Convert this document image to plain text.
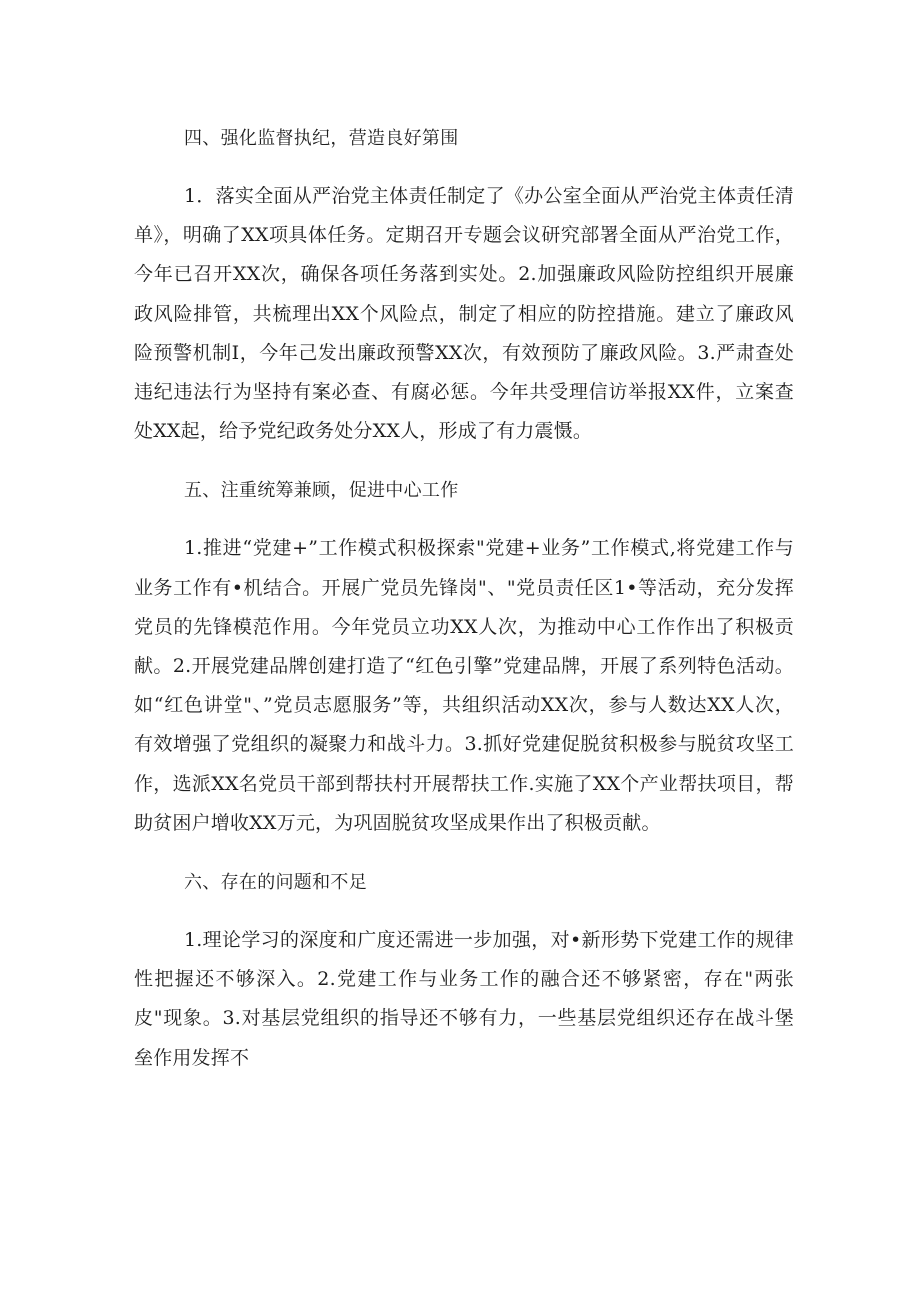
四、强化监督执纪，营造良好第围
1．落实全面从严治党主体责任制定了《办公室全面从严治党主体责任清单》，明确了XX项具体任务。定期召开专题会议研究部署全面从严治党工作，今年已召开XX次，确保各项任务落到实处。2.加强廉政风险防控组织开展廉政风险排管，共梳理出XX个风险点，制定了相应的防控措施。建立了廉政风险预警机制I，今年己发出廉政预警XX次，有效预防了廉政风险。3.严肃查处违纪违法行为坚持有案必查、有腐必惩。今年共受理信访举报XX件，立案查处XX起，给予党纪政务处分XX人，形成了有力震慑。
五、注重统筹兼顾，促进中心工作
1.推进“党建+”工作模式积极探索"党建+业务”工作模式,将党建工作与业务工作有•机结合。开展广党员先锋岗"、"党员责任区1•等活动，充分发挥党员的先锋模范作用。今年党员立功XX人次，为推动中心工作作出了积极贡献。2.开展党建品牌创建打造了“红色引擎”党建品牌，开展了系列特色活动。如“红色讲堂"、”党员志愿服务”等，共组织活动XX次，参与人数达XX人次，有效增强了党组织的凝聚力和战斗力。3.抓好党建促脱贫积极参与脱贫攻坚工作，选派XX名党员干部到帮扶村开展帮扶工作.实施了XX个产业帮扶项目，帮助贫困户增收XX万元，为巩固脱贫攻坚成果作出了积极贡献。
六、存在的问题和不足
1.理论学习的深度和广度还需进一步加强，对•新形势下党建工作的规律性把握还不够深入。2.党建工作与业务工作的融合还不够紧密，存在"两张皮"现象。3.对基层党组织的指导还不够有力，一些基层党组织还存在战斗堡垒作用发挥不
